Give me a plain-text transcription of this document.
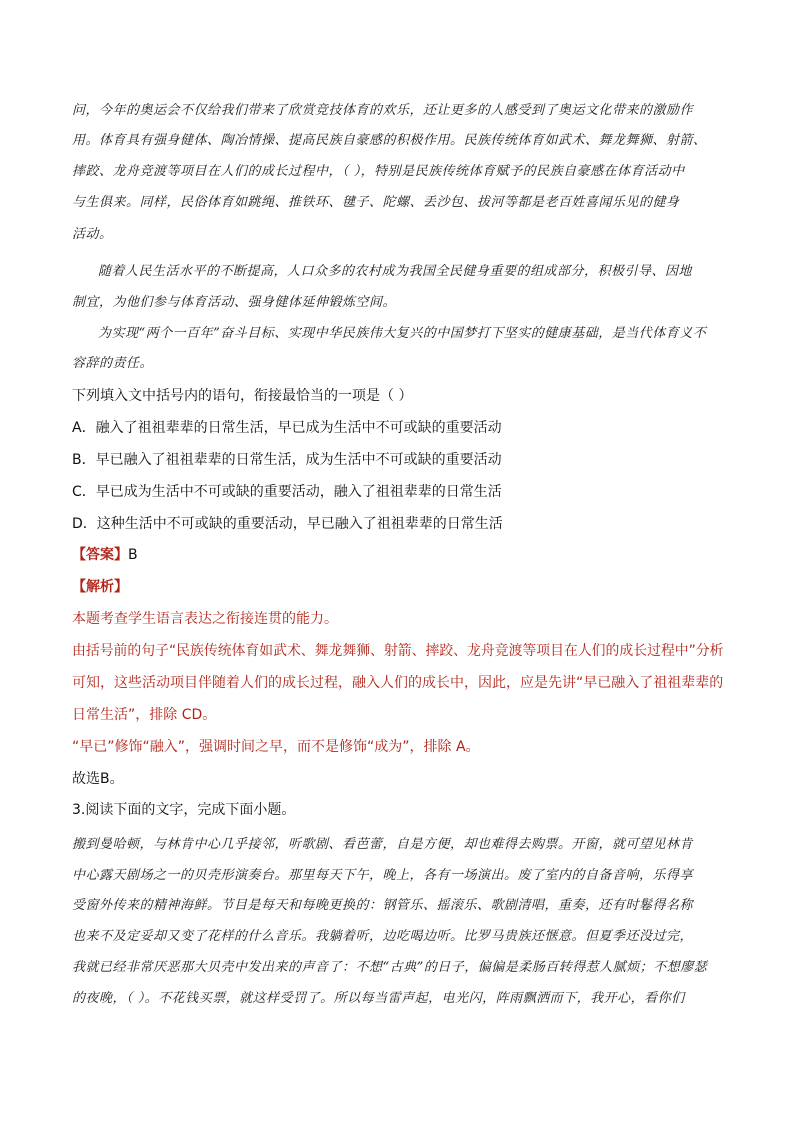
问，今年的奥运会不仅给我们带来了欣赏竞技体育的欢乐，还让更多的人感受到了奥运文化带来的激励作
用。体育具有强身健体、陶冶情操、提高民族自豪感的积极作用。民族传统体育如武术、舞龙舞狮、射箭、
摔跤、龙舟竞渡等项目在人们的成长过程中，（ ），特别是民族传统体育赋予的民族自豪感在体育活动中
与生俱来。同样，民俗体育如跳绳、推铁环、毽子、陀螺、丢沙包、拔河等都是老百姓喜闻乐见的健身
活动。
随着人民生活水平的不断提高，人口众多的农村成为我国全民健身重要的组成部分，积极引导、因地
制宜，为他们参与体育活动、强身健体延伸锻炼空间。
为实现“两个一百年”奋斗目标、实现中华民族伟大复兴的中国梦打下坚实的健康基础，是当代体育义不
容辞的责任。
下列填入文中括号内的语句，衔接最恰当的一项是（ ）
A．融入了祖祖辈辈的日常生活，早已成为生活中不可或缺的重要活动
B．早已融入了祖祖辈辈的日常生活，成为生活中不可或缺的重要活动
C．早已成为生活中不可或缺的重要活动，融入了祖祖辈辈的日常生活
D．这种生活中不可或缺的重要活动，早已融入了祖祖辈辈的日常生活
【答案】B
【解析】
本题考查学生语言表达之衔接连贯的能力。
由括号前的句子“民族传统体育如武术、舞龙舞狮、射箭、摔跤、龙舟竞渡等项目在人们的成长过程中”分析
可知，这些活动项目伴随着人们的成长过程，融入人们的成长中，因此，应是先讲“早已融入了祖祖辈辈的
日常生活”，排除 CD。
“早已”修饰“融入”，强调时间之早，而不是修饰“成为”，排除 A。
故选B。
3.阅读下面的文字，完成下面小题。
搬到曼哈顿，与林肯中心几乎接邻，听歌剧、看芭蕾，自是方便，却也难得去购票。开窗，就可望见林肯
中心露天剧场之一的贝壳形演奏台。那里每天下午，晚上，各有一场演出。废了室内的自备音响，乐得享
受窗外传来的精神海鲜。节目是每天和每晚更换的：钢管乐、摇滚乐、歌剧清唱，重奏，还有时鬈得名称
也来不及定妥却又变了花样的什么音乐。我躺着听，边吃喝边听。比罗马贵族还惬意。但夏季还没过完，
我就已经非常厌恶那大贝壳中发出来的声音了：不想“古典”的日子，偏偏是柔肠百转得惹人腻烦；不想廖瑟
的夜晚，（ ）。不花钱买票，就这样受罚了。所以每当雷声起，电光闪，阵雨飘洒而下，我开心，看你们
